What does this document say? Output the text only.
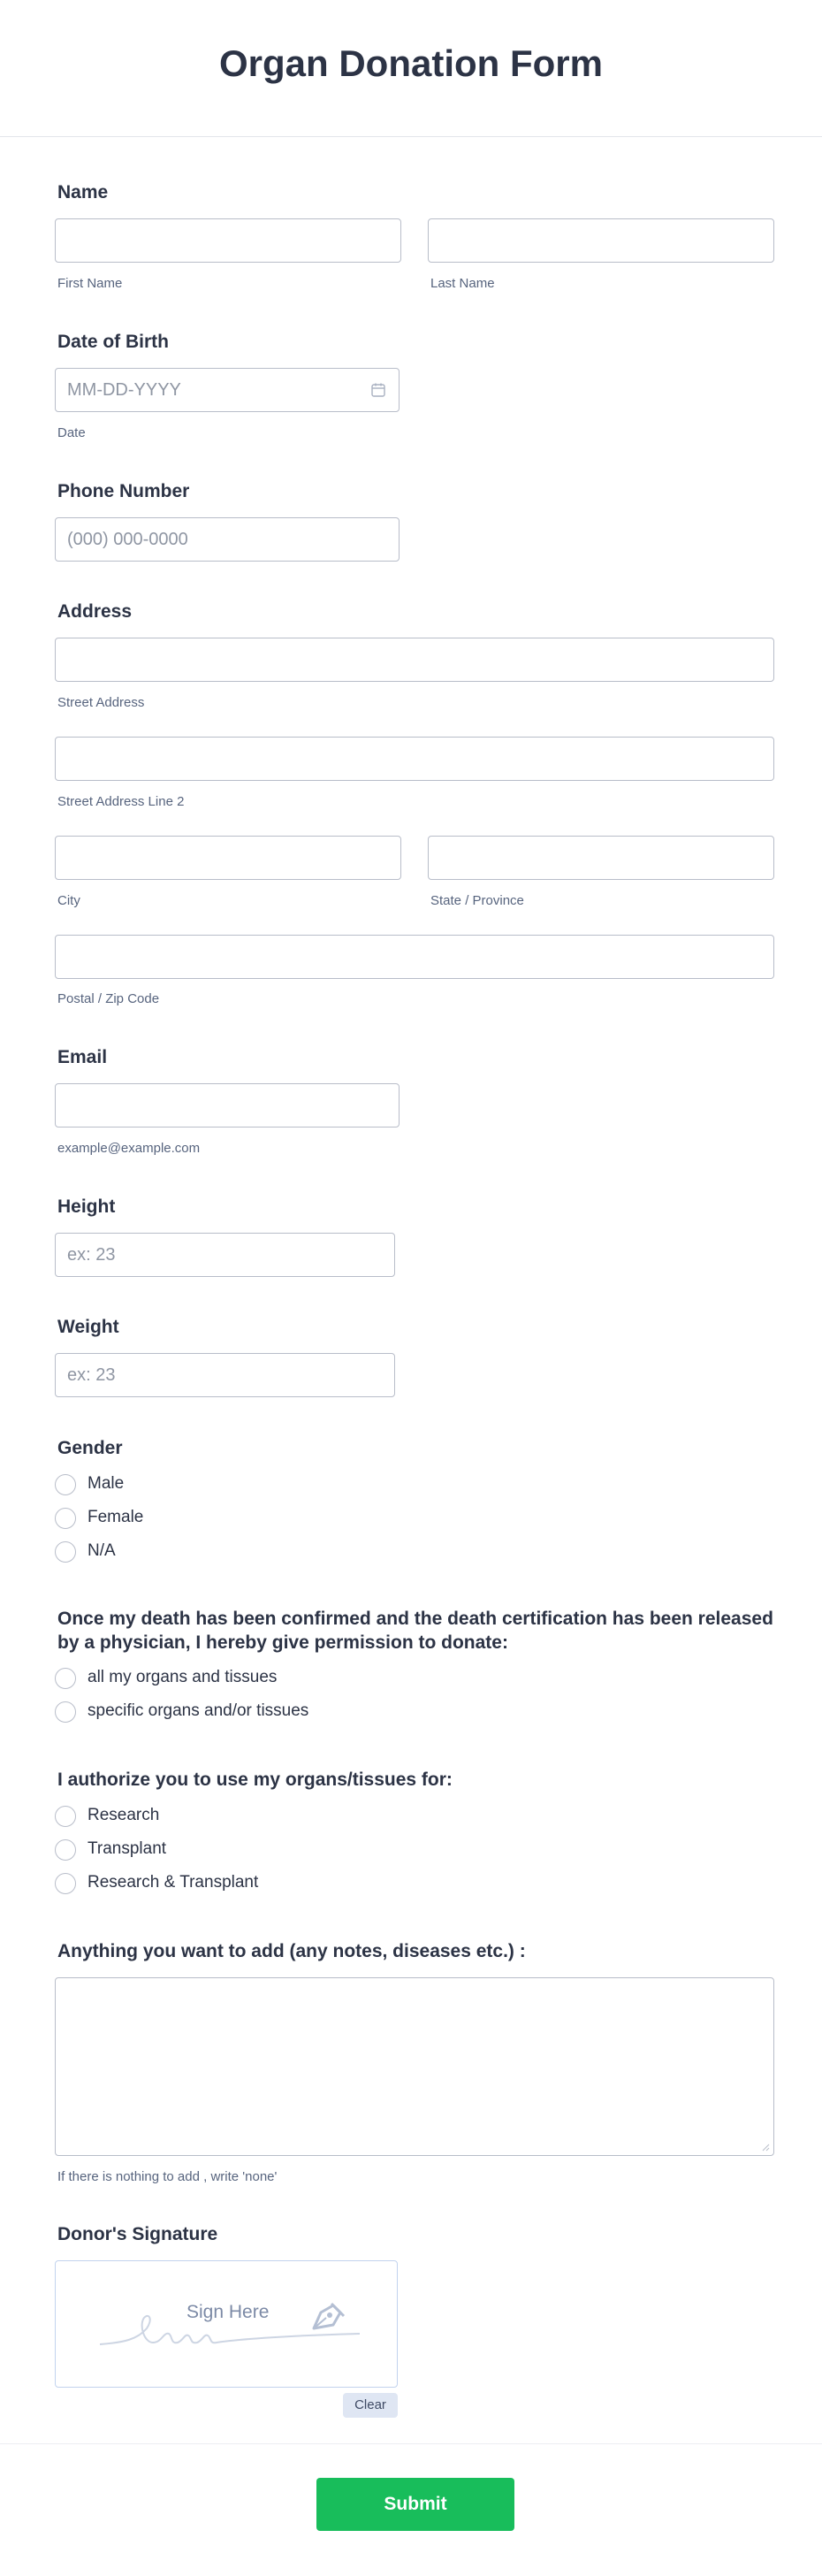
Organ Donation Form
Name
First Name	Last Name
Date of Birth
MM-DD-YYYY
Date
Phone Number
(000) 000-0000
Address
Street Address
Street Address Line 2
City	State / Province
Postal / Zip Code
Email
example@example.com
Height
ex: 23
Weight
ex: 23
Gender
Male
Female
N/A
Once my death has been confirmed and the death certification has been released by a physician, I hereby give permission to donate:
all my organs and tissues
specific organs and/or tissues
I authorize you to use my organs/tissues for:
Research
Transplant
Research & Transplant
Anything you want to add (any notes, diseases etc.) :
If there is nothing to add , write 'none'
Donor's Signature
Sign Here
Clear
Submit
